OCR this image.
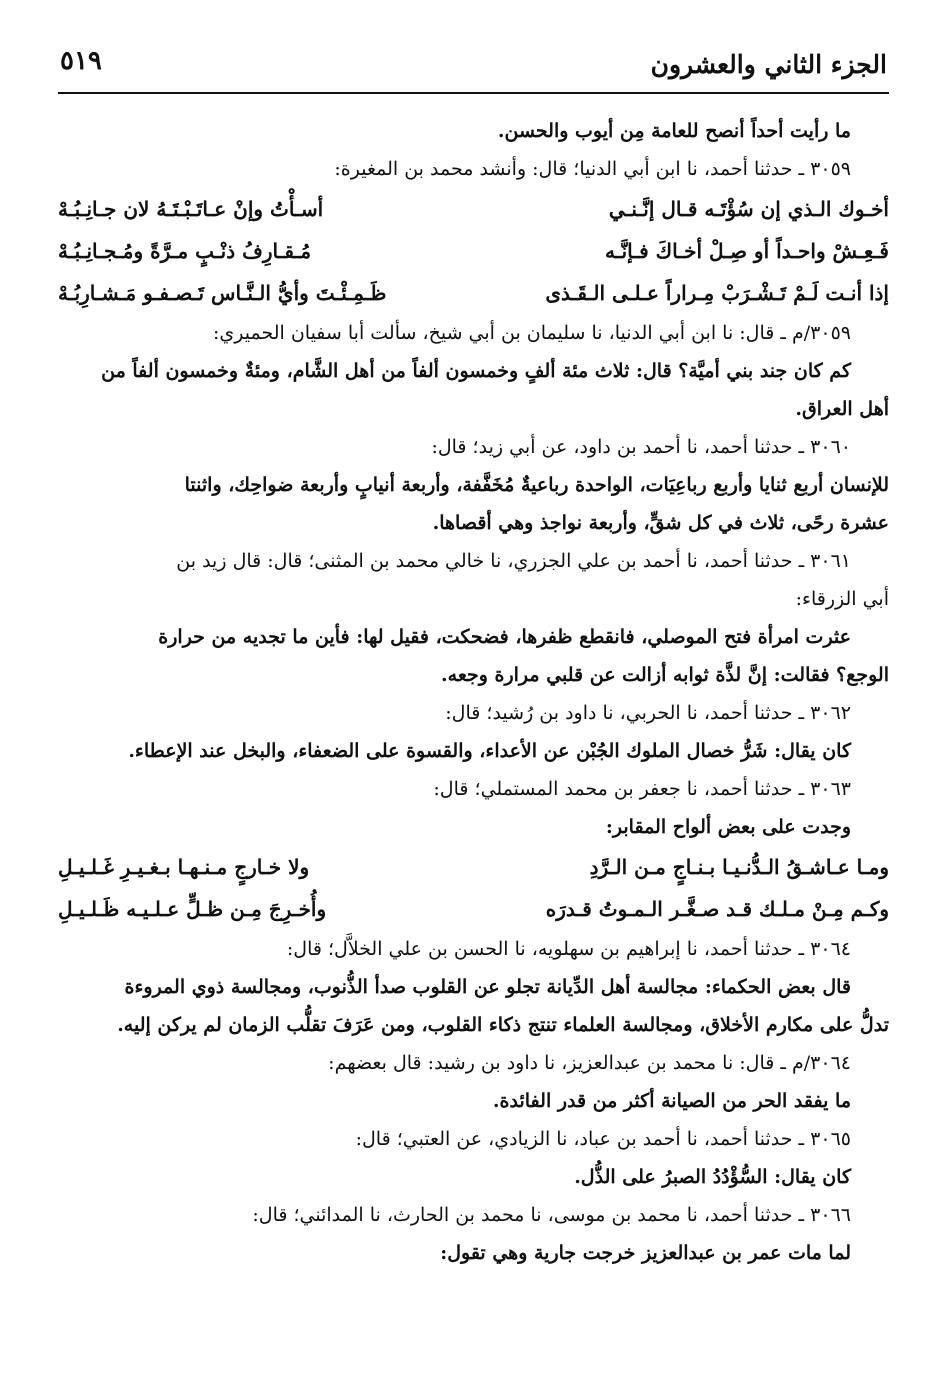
الجزء الثاني والعشرون
٥١٩

ما رأيت أحداً أنصح للعامة مِن أيوب والحسن.

٣٠٥٩ ـ حدثنا أحمد، نا ابن أبي الدنيا؛ قال: وأنشد محمد بن المغيرة:

أخـوك الـذي إن سُؤْتَـه قـال إنَّـنـي
أسـأْتُ وإنْ عـاتَـبْـتَـهُ لان جـانِـبُـهْ
فَـعِـشْ واحـداً أو صِـلْ أخـاكَ فـإنَّـه
مُـقـارِفُ ذنْـبٍ مـرَّةً ومُـجـانِـبُـهْ
إذا أنـت لَـمْ تَـشْـرَبْ مِـراراً عـلـى الـقَـذى
ظَـمِـئْـتَ وأيُّ الـنَّـاس تَـصـفـو مَـشـارِبُـهْ

٣٠٥٩/م ـ قال: نا ابن أبي الدنيا، نا سليمان بن أبي شيخ، سألت أبا سفيان الحميري:

كم كان جند بني أميَّة؟ قال: ثلاث مئة ألفٍ وخمسون ألفاً من أهل الشَّام، ومئةٌ وخمسون ألفاً من

أهل العراق.

٣٠٦٠ ـ حدثنا أحمد، نا أحمد بن داود، عن أبي زيد؛ قال:

للإنسان أربع ثنايا وأربع رباعِيَات، الواحدة رباعيةٌ مُخَفَّفة، وأربعة أنيابٍ وأربعة ضواحِك، واثنتا

عشرة رحًى، ثلاث في كل شقٍّ، وأربعة نواجذ وهي أقصاها.

٣٠٦١ ـ حدثنا أحمد، نا أحمد بن علي الجزري، نا خالي محمد بن المثنى؛ قال: قال زيد بن

أبي الزرقاء:

عثرت امرأة فتح الموصلي، فانقطع ظفرها، فضحكت، فقيل لها: فأين ما تجديه من حرارة

الوجع؟ فقالت: إنَّ لذَّة ثوابه أزالت عن قلبي مرارة وجعه.

٣٠٦٢ ـ حدثنا أحمد، نا الحربي، نا داود بن رُشيد؛ قال:

كان يقال: شَرُّ خصال الملوك الجُبْن عن الأعداء، والقسوة على الضعفاء، والبخل عند الإعطاء.

٣٠٦٣ ـ حدثنا أحمد، نا جعفر بن محمد المستملي؛ قال:

وجدت على بعض ألواح المقابر:

ومـا عـاشـقُ الـدُّنـيـا بـنـاجٍ مـن الـرَّدِ
ولا خـارجٍ مـنـهـا بـغـيـرِ غَـلـيـلِ
وكـم مِـنْ مـلـك قـد صـغَّـر الـمـوتُ قـدرَه
وأُخـرِجَ مِـن ظـلٍّ عـلـيـه ظَـلـيـلِ

٣٠٦٤ ـ حدثنا أحمد، نا إبراهيم بن سهلويه، نا الحسن بن علي الخلاَّل؛ قال:

قال بعض الحكماء: مجالسة أهل الدِّيانة تجلو عن القلوب صدأ الذُّنوب، ومجالسة ذوي المروءة

تدلُّ على مكارم الأخلاق، ومجالسة العلماء تنتج ذكاء القلوب، ومن عَرَفَ تقلُّب الزمان لم يركن إليه.

٣٠٦٤/م ـ قال: نا محمد بن عبدالعزيز، نا داود بن رشيد: قال بعضهم:

ما يفقد الحر من الصيانة أكثر من قدر الفائدة.

٣٠٦٥ ـ حدثنا أحمد، نا أحمد بن عباد، نا الزيادي، عن العتبي؛ قال:

كان يقال: السُّؤْدُدُ الصبرُ على الذُّل.

٣٠٦٦ ـ حدثنا أحمد، نا محمد بن موسى، نا محمد بن الحارث، نا المدائني؛ قال:

لما مات عمر بن عبدالعزيز خرجت جارية وهي تقول:
